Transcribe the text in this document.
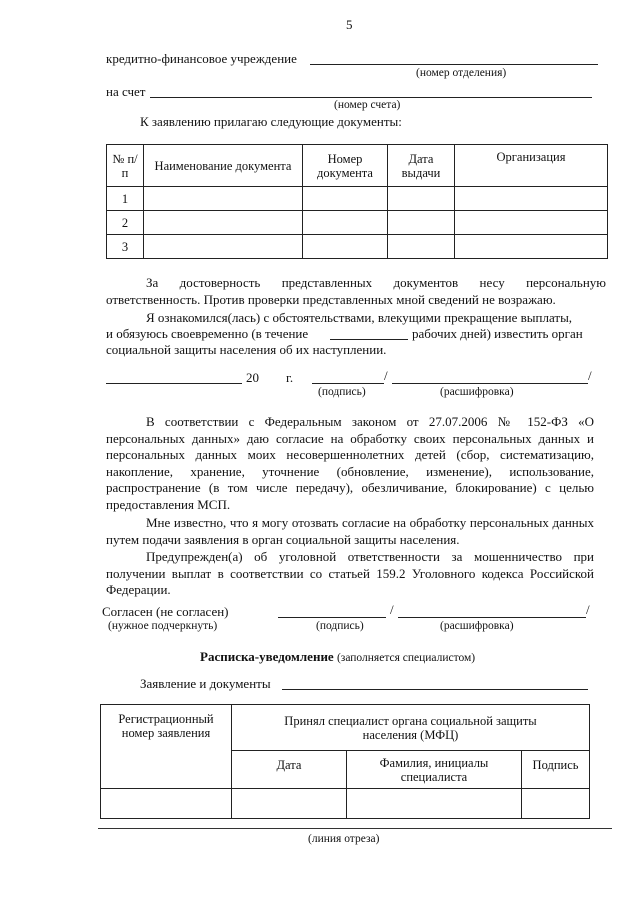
5
кредитно-финансовое учреждение
(номер отделения)
на счет
(номер счета)
К заявлению прилагаю следующие документы:
№ п/п	Наименование документа	Номер документа	Дата выдачи	Организация
1				
2				
3				
За достоверность представленных документов несу персональную ответственность. Против проверки представленных мной сведений не возражаю.
Я ознакомился(лась) с обстоятельствами, влекущими прекращение выплаты,
и обязуюсь своевременно (в течение	рабочих дней) известить орган
социальной защиты населения об их наступлении.
20 г.	/	/
(подпись)	(расшифровка)

В соответствии с Федеральным законом от 27.07.2006 № 152-ФЗ «О персональных данных» даю согласие на обработку своих персональных данных и персональных данных моих несовершеннолетних детей (сбор, систематизацию, накопление, хранение, уточнение (обновление, изменение), использование, распространение (в том числе передачу), обезличивание, блокирование) с целью предоставления МСП.

Мне известно, что я могу отозвать согласие на обработку персональных данных путем подачи заявления в орган социальной защиты населения.

Предупрежден(а) об уголовной ответственности за мошенничество при получении выплат в соответствии со статьей 159.2 Уголовного кодекса Российской Федерации.

Согласен (не согласен)
(нужное подчеркнуть)
/	/
(подпись)	(расшифровка)
Расписка-уведомление (заполняется специалистом)
Заявление и документы
Регистрационный номер заявления	Принял специалист органа социальной защиты населения (МФЦ)		
	Дата	Фамилия, инициалы специалиста	Подпись

(линия отреза)
